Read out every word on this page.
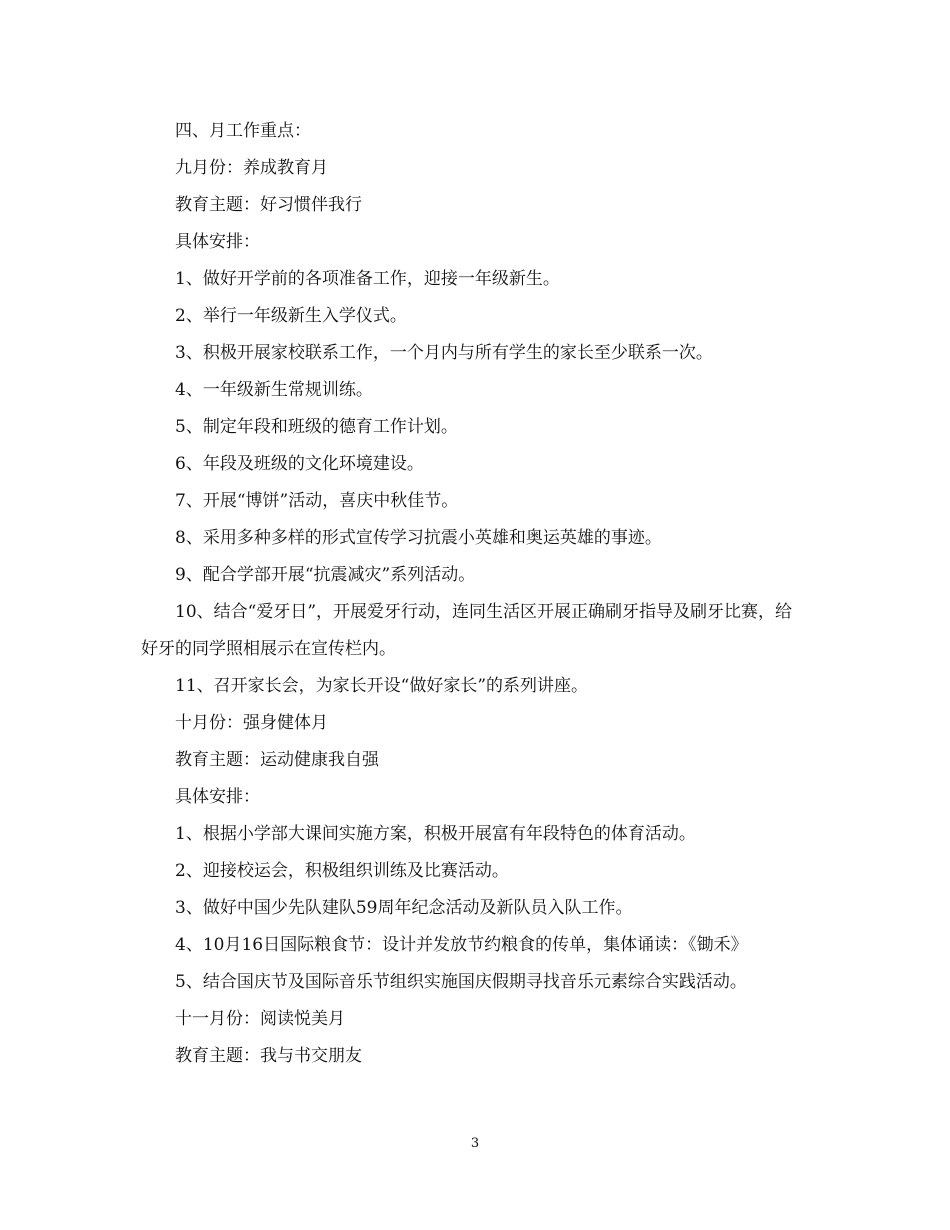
四、月工作重点：

九月份：养成教育月

教育主题：好习惯伴我行

具体安排：

1、做好开学前的各项准备工作，迎接一年级新生。

2、举行一年级新生入学仪式。

3、积极开展家校联系工作，一个月内与所有学生的家长至少联系一次。

4、一年级新生常规训练。

5、制定年段和班级的德育工作计划。

6、年段及班级的文化环境建设。

7、开展“博饼”活动，喜庆中秋佳节。

8、采用多种多样的形式宣传学习抗震小英雄和奥运英雄的事迹。

9、配合学部开展“抗震减灾”系列活动。

10、结合“爱牙日”，开展爱牙行动，连同生活区开展正确刷牙指导及刷牙比赛，给好牙的同学照相展示在宣传栏内。

11、召开家长会，为家长开设“做好家长”的系列讲座。

十月份：强身健体月

教育主题：运动健康我自强

具体安排：

1、根据小学部大课间实施方案，积极开展富有年段特色的体育活动。

2、迎接校运会，积极组织训练及比赛活动。

3、做好中国少先队建队59周年纪念活动及新队员入队工作。

4、10月16日国际粮食节：设计并发放节约粮食的传单，集体诵读：《锄禾》

5、结合国庆节及国际音乐节组织实施国庆假期寻找音乐元素综合实践活动。

十一月份：阅读悦美月

教育主题：我与书交朋友

3
